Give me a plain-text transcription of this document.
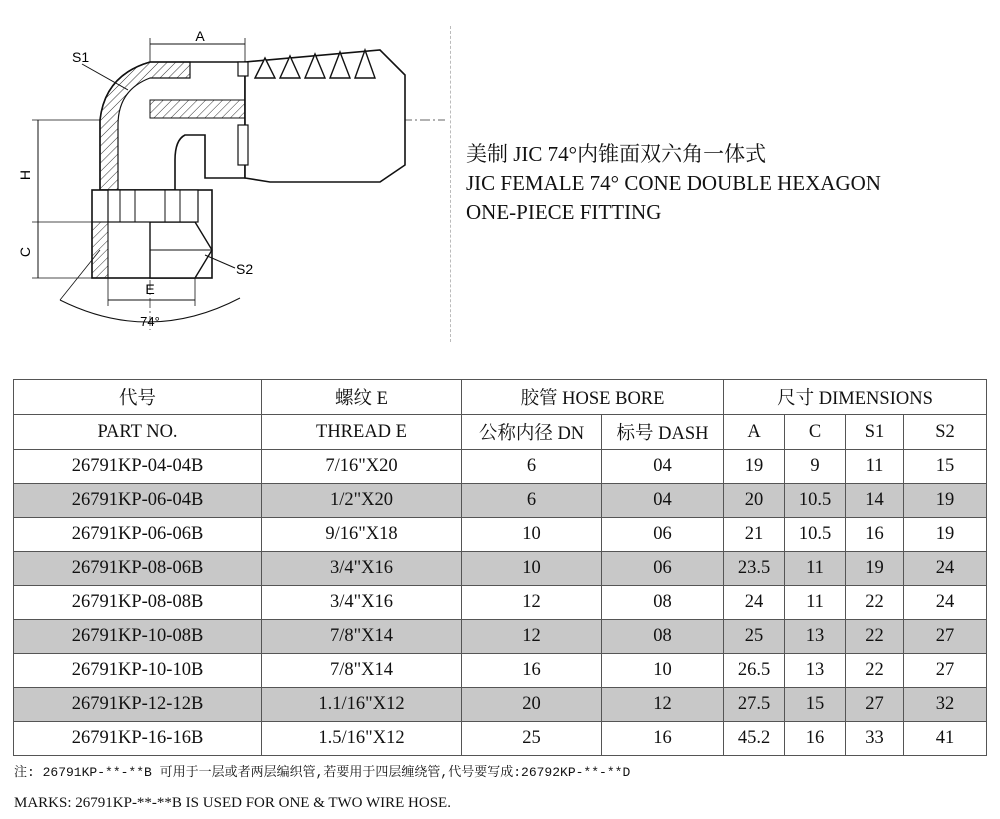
A
S1
H
C
E
S2
74°
美制 JIC 74°内锥面双六角一体式
JIC FEMALE 74° CONE DOUBLE HEXAGON
ONE-PIECE FITTING
代号	螺纹 E	胶管 HOSE BORE		尺寸 DIMENSIONS			
PART NO.	THREAD E	公称内径 DN	标号 DASH	A	C	S1	S2
26791KP-04-04B	7/16"X20	6	04	19	9	11	15
26791KP-06-04B	1/2"X20	6	04	20	10.5	14	19
26791KP-06-06B	9/16"X18	10	06	21	10.5	16	19
26791KP-08-06B	3/4"X16	10	06	23.5	11	19	24
26791KP-08-08B	3/4"X16	12	08	24	11	22	24
26791KP-10-08B	7/8"X14	12	08	25	13	22	27
26791KP-10-10B	7/8"X14	16	10	26.5	13	22	27
26791KP-12-12B	1.1/16"X12	20	12	27.5	15	27	32
26791KP-16-16B	1.5/16"X12	25	16	45.2	16	33	41
注: 26791KP-**-**B 可用于一层或者两层编织管,若要用于四层缠绕管,代号要写成:26792KP-**-**D
MARKS: 26791KP-**-**B IS USED FOR ONE & TWO WIRE HOSE.
